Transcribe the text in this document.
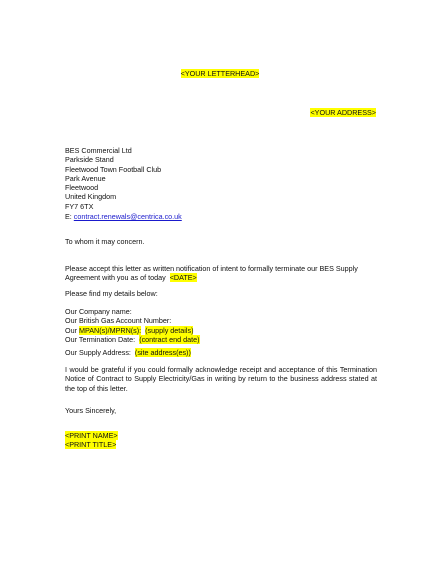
<YOUR LETTERHEAD>
<YOUR ADDRESS>
BES Commercial Ltd
Parkside Stand
Fleetwood Town Football Club
Park Avenue
Fleetwood
United Kingdom
FY7 6TX
E: contract.renewals@centrica.co.uk
To whom it may concern.
Please accept this letter as written notification of intent to formally terminate our BES Supply
Agreement with you as of today <DATE>
Please find my details below:
Our Company name:
Our British Gas Account Number:
Our MPAN(s)/MPRN(s): (supply details)
Our Termination Date: (contract end date)
Our Supply Address: (site address(es))
I would be grateful if you could formally acknowledge receipt and acceptance of this Termination Notice of Contract to Supply Electricity/Gas in writing by return to the business address stated at the top of this letter.
Yours Sincerely,
<PRINT NAME>
<PRINT TITLE>
